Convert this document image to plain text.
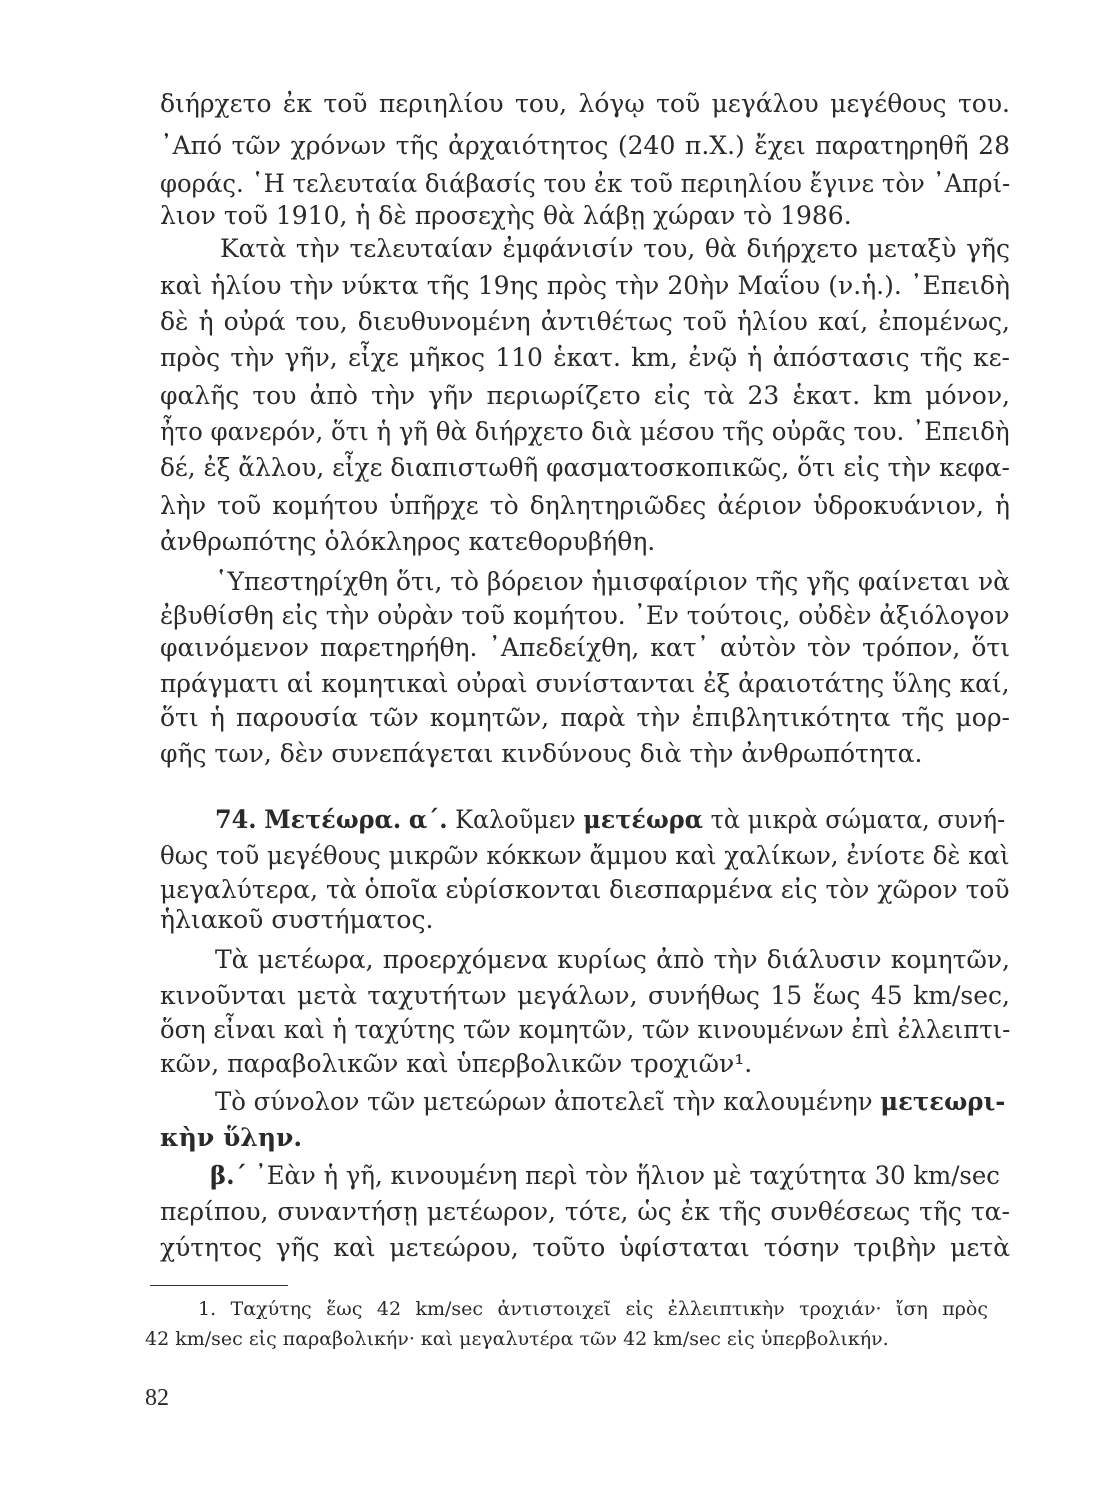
διήρχετο ἐκ τοῦ περιηλίου του, λόγῳ τοῦ μεγάλου μεγέθους του.
᾿Από τῶν χρόνων τῆς ἀρχαιότητος (240 π.Χ.) ἔχει παρατηρηθῆ 28
φοράς. ῾Η τελευταία διάβασίς του ἐκ τοῦ περιηλίου ἔγινε τὸν ᾿Απρί-
λιον τοῦ 1910, ἡ δὲ προσεχὴς θὰ λάβῃ χώραν τὸ 1986.
Κατὰ τὴν τελευταίαν ἐμφάνισίν του, θὰ διήρχετο μεταξὺ γῆς
καὶ ἡλίου τὴν νύκτα τῆς 19ης πρὸς τὴν 20ὴν Μαΐου (ν.ἡ.). ᾿Επειδὴ
δὲ ἡ οὐρά του, διευθυνομένη ἀντιθέτως τοῦ ἡλίου καί, ἐπομένως,
πρὸς τὴν γῆν, εἶχε μῆκος 110 ἑκατ. km, ἐνῷ ἡ ἀπόστασις τῆς κε-
φαλῆς του ἀπὸ τὴν γῆν περιωρίζετο εἰς τὰ 23 ἑκατ. km μόνον,
ἦτο φανερόν, ὅτι ἡ γῆ θὰ διήρχετο διὰ μέσου τῆς οὐρᾶς του. ᾿Επειδὴ
δέ, ἐξ ἄλλου, εἶχε διαπιστωθῆ φασματοσκοπικῶς, ὅτι εἰς τὴν κεφα-
λὴν τοῦ κομήτου ὑπῆρχε τὸ δηλητηριῶδες ἀέριον ὑδροκυάνιον, ἡ
ἀνθρωπότης ὁλόκληρος κατεθορυβήθη.
῾Υπεστηρίχθη ὅτι, τὸ βόρειον ἡμισφαίριον τῆς γῆς φαίνεται νὰ
ἐβυθίσθη εἰς τὴν οὐρὰν τοῦ κομήτου. ᾿Εν τούτοις, οὐδὲν ἀξιόλογον
φαινόμενον παρετηρήθη. ᾿Απεδείχθη, κατ᾿ αὐτὸν τὸν τρόπον, ὅτι
πράγματι αἱ κομητικαὶ οὐραὶ συνίστανται ἐξ ἀραιοτάτης ὕλης καί,
ὅτι ἡ παρουσία τῶν κομητῶν, παρὰ τὴν ἐπιβλητικότητα τῆς μορ-
φῆς των, δὲν συνεπάγεται κινδύνους διὰ τὴν ἀνθρωπότητα.
74. Μετέωρα. α΄. Καλοῦμεν μετέωρα τὰ μικρὰ σώματα, συνή-
θως τοῦ μεγέθους μικρῶν κόκκων ἄμμου καὶ χαλίκων, ἐνίοτε δὲ καὶ
μεγαλύτερα, τὰ ὁποῖα εὑρίσκονται διεσπαρμένα εἰς τὸν χῶρον τοῦ
ἡλιακοῦ συστήματος.
Τὰ μετέωρα, προερχόμενα κυρίως ἀπὸ τὴν διάλυσιν κομητῶν,
κινοῦνται μετὰ ταχυτήτων μεγάλων, συνήθως 15 ἕως 45 km/sec,
ὅση εἶναι καὶ ἡ ταχύτης τῶν κομητῶν, τῶν κινουμένων ἐπὶ ἐλλειπτι-
κῶν, παραβολικῶν καὶ ὑπερβολικῶν τροχιῶν¹.
Τὸ σύνολον τῶν μετεώρων ἀποτελεῖ τὴν καλουμένην μετεωρι-
κὴν ὕλην.
β.΄ ᾿Εὰν ἡ γῆ, κινουμένη περὶ τὸν ἥλιον μὲ ταχύτητα 30 km/sec
περίπου, συναντήσῃ μετέωρον, τότε, ὡς ἐκ τῆς συνθέσεως τῆς τα-
χύτητος γῆς καὶ μετεώρου, τοῦτο ὑφίσταται τόσην τριβὴν μετὰ
1. Ταχύτης ἕως 42 km/sec ἀντιστοιχεῖ εἰς ἐλλειπτικὴν τροχιάν· ἴση πρὸς
42 km/sec εἰς παραβολικήν· καὶ μεγαλυτέρα τῶν 42 km/sec εἰς ὑπερβολικήν.
82
